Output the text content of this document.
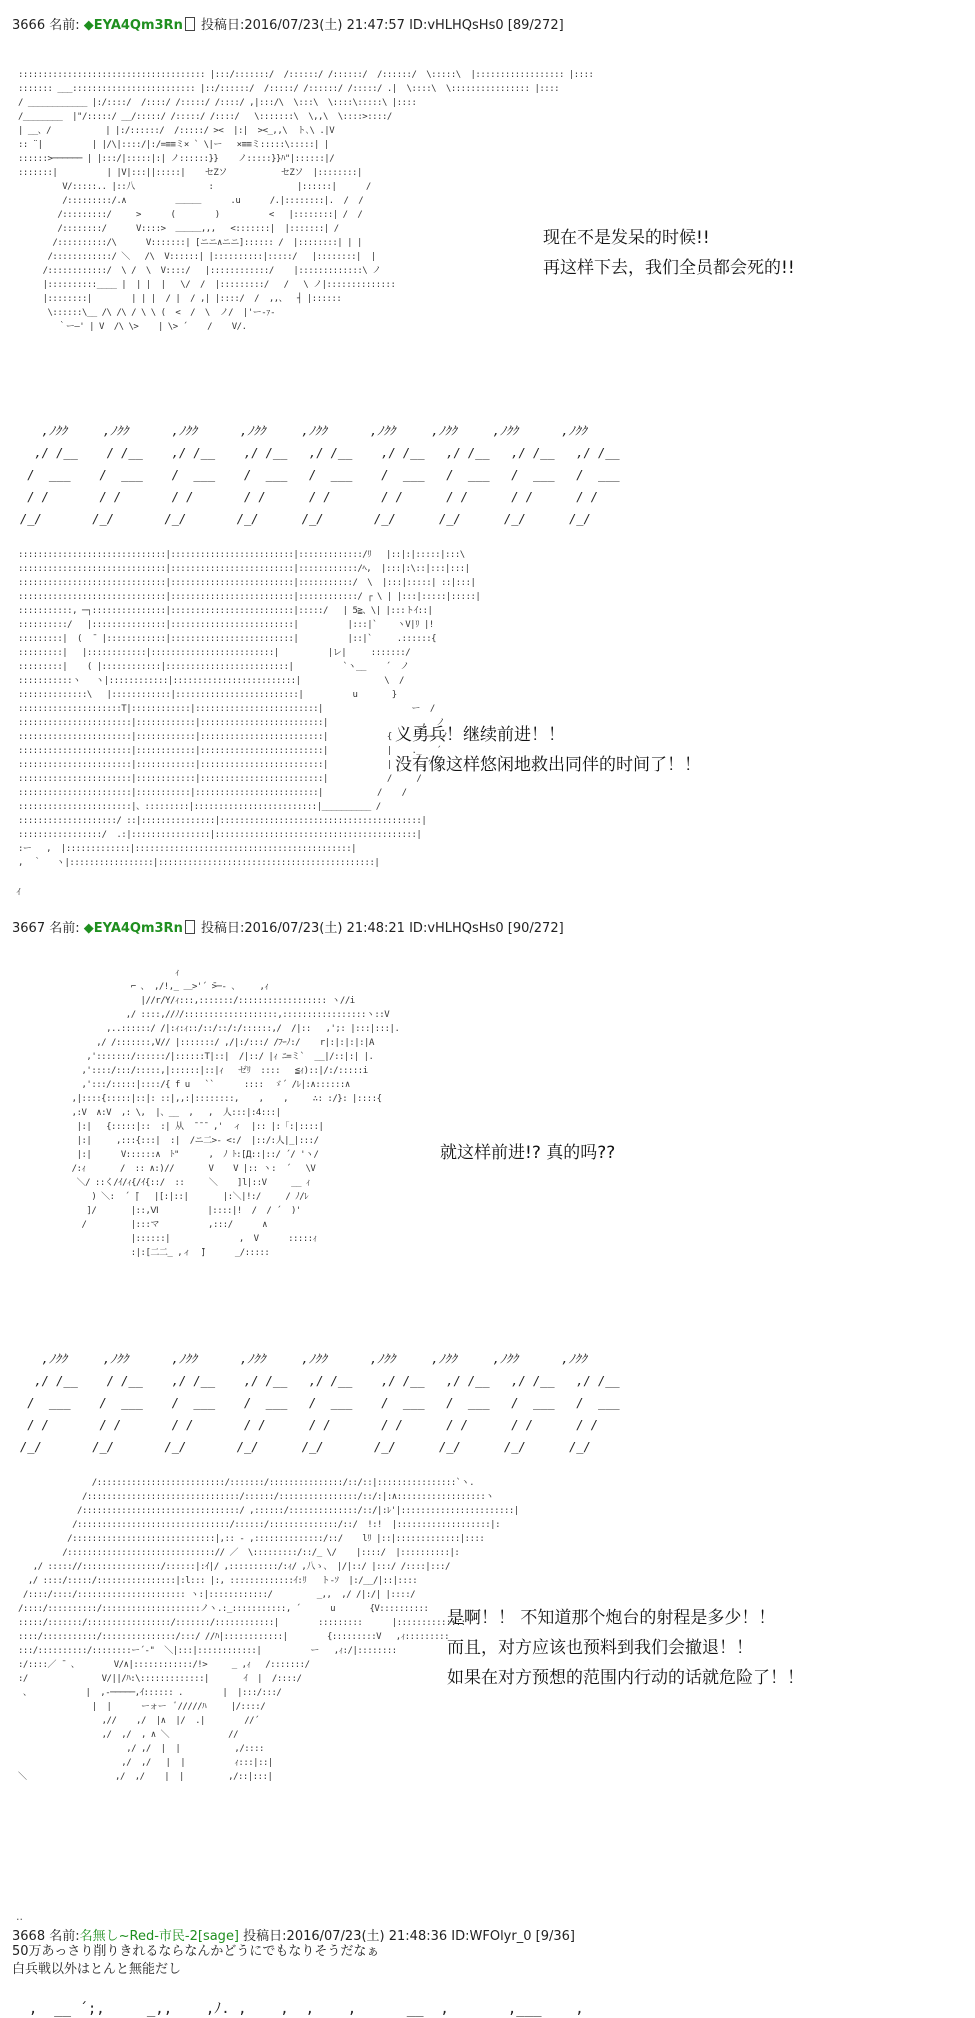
3666 名前: ◆EYA4Qm3Rn 投稿日:2016/07/23(土) 21:47:57 ID:vHLHQsHs0 [89/272]
:::::::::::::::::::::::::::::::::::::: |:::/:::::::/  /::::::/ /::::::/  /::::::/  \:::::\  |:::::::::::::::::: |::::
::::::: ___::::::::::::::::::::::::: |::/::::::/  /:::::/ /::::::/ /:::::/ .|  \::::\  \:::::::::::::::: |::::
/ ____________ |:/::::/  /::::/ /:::::/ /::::/ ,|:::/\  \:::\  \::::\:::::\ |::::
/________  |"/:::::/ __/:::::/ /:::::/ /::::/   \:::::::\  \,,\  \::::>::::/
| __、/           | |:/::::::/  /:::::/ ><  |:|  ><_,,\  ト､\ .|V
:: ¨|          | |/\|::::/|:/=≡≡ミ× ` \|ー   ×≡≡ミ:::::\:::::| |
::::::>────── | |:::/|:::::|:| ノ::::::}}    ノ:::::}}ﾊ"|::::::|/
:::::::|          | |V|:::||:::::|    セZソ           セZソ  |::::::::|
V/:::::.. |::八               :                 |::::::|      /
/:::::::::/.∧          ＿＿＿      .u      /.|::::::::|.  /  /
/:::::::::/     >      (        )          <   |::::::::| /  /
/::::::::/      V::::>  ＿＿＿,,,   <:::::::|  |:::::::| /
/::::::::::/\      V:::::::| [ニニ∧ニニ]:::::: /  |::::::::| | |
/::::::::::::/ ＼   /\  V::::::| |::::::::::|:::::/   |::::::::|  |
/::::::::::::/  \ /  \  V::::/   |::::::::::::/    |:::::::::::::\ ノ
|::::::::::____ |  | |  |   \/  /  |:::::::::/   /   \ ノ|::::::::::::::
|::::::::|        | | |  / |  / ,| |::::/  /  ,,、  ┤ |::::::
\::::::\__ /\ /\ / \ \ (  <  /  \  ノ/  |'ー‐ｧ‐
｀ー―' | V  /\ \>    | \> ´    /    V/.
现在不是发呆的时候!!
再这样下去，我们全员都会死的!!
,ﾉｸｸ     ,ﾉｸｸ      ,ﾉｸｸ      ,ﾉｸｸ     ,ﾉｸｸ      ,ﾉｸｸ     ,ﾉｸｸ     ,ﾉｸｸ      ,ﾉｸｸ
,/ /__    / /__    ,/ /__    ,/ /__   ,/ /__    ,/ /__   ,/ /__   ,/ /__   ,/ /__
/  ___    /  ___    /  ___    /  ___   /  ___    /  ___   /  ___   /  ___   /  ___
/ /       / /       / /       / /      / /       / /      / /      / /      / /
/_/       /_/       /_/       /_/      /_/       /_/      /_/      /_/      /_/
::::::::::::::::::::::::::::::|:::::::::::::::::::::::::|:::::::::::::/ﾘ   |::|:|:::::|:::\
::::::::::::::::::::::::::::::|:::::::::::::::::::::::::|::::::::::::/ﾍ,  |:::|:\::|:::|:::|
::::::::::::::::::::::::::::::|:::::::::::::::::::::::::|:::::::::::/  \  |:::|:::::| ::|:::|
::::::::::::::::::::::::::::::|:::::::::::::::::::::::::|::::::::::::/ ┌ \ | |:::|:::::|:::::|
:::::::::::, ─┐:::::::::::::::|:::::::::::::::::::::::::|:::::/   | 5≧、\| |:::トｲ::|
::::::::::/   |:::::::::::::::|:::::::::::::::::::::::::|          |:::|`    ヽV|ﾘ |!
:::::::::|  (  ̄  |::::::::::::|:::::::::::::::::::::::::|          |::|`     .::::::{
:::::::::|   |::::::::::::|:::::::::::::::::::::::::|          |レ|     :::::::/
:::::::::|    ( |::::::::::::|:::::::::::::::::::::::::|          `ヽ__    ´  ノ
:::::::::::ヽ   ヽ|::::::::::::|:::::::::::::::::::::::::|                 \  /
::::::::::::::\   |::::::::::::|:::::::::::::::::::::::::|          u       }
:::::::::::::::::::::T|::::::::::::|:::::::::::::::::::::::::|                  ー  /
:::::::::::::::::::::::|::::::::::::|:::::::::::::::::::::::::|                   ,  ノ
:::::::::::::::::::::::|::::::::::::|:::::::::::::::::::::::::|            {       ー ノ
:::::::::::::::::::::::|::::::::::::|:::::::::::::::::::::::::|            |    ._   ´
:::::::::::::::::::::::|::::::::::::|:::::::::::::::::::::::::|            |      ,´
:::::::::::::::::::::::|::::::::::::|:::::::::::::::::::::::::|            /     /
:::::::::::::::::::::::|:::::::::::|:::::::::::::::::::::::::|           /    /
:::::::::::::::::::::::|、:::::::::|:::::::::::::::::::::::::|__________ /
::::::::::::::::::::/ ::|:::::::::::::::|:::::::::::::::::::::::::::::::::::::::::|
:::::::::::::::::/  .:|::::::::::::::::|:::::::::::::::::::::::::::::::::::::::::|
:ー   ,  |:::::::::::::|::::::::::::::::::::::::::::::::::::::::::::|
,  ｀   ヽ|:::::::::::::::::|::::::::::::::::::::::::::::::::::::::::::::|
义勇兵！继续前进！！
没有像这样悠闲地救出同伴的时间了！！
ｨ
3667 名前: ◆EYA4Qm3Rn 投稿日:2016/07/23(土) 21:48:21 ID:vHLHQsHs0 [90/272]
ｨ
⌐ 、 ,/!,_ ＿>'´ ̄>─‐ 、    ,ｨ
|//r/Y/ｨ:::,:::::::/:::::::::::::::::: ヽ//i
,/ ::::,//ﾉ/:::::::::::::::::::,:::::::::::::::::ヽ::V
,..::::::/ /|:ｨ:ｨ::/::/::/:/::::::,/  /|::   ,';: |:::|:::|.
,/ /:::::::,V// |:::::::/ ,/|:/:::/ /ﾌｰﾉ:/    r|:|:|:|:|A
,':::::::/::::::/|::::::T|::|  /|::/ |ｨ ﾆ=ミ`  __|/::|:| |.
,'::::/:::/:::::,|::::::|::|ｨ   ゼﾘ  ::::   ≦ｨ)::|/:/:::::i
,':::/:::::|::::/{ f u   ``      ::::  ゞ´ /ﾚ|:∧::::::∧
,|::::{:::::|::|: ::|,,:|::::::::,    ,    ,     ∴: :/}: |::::{
,:V  ∧:V  ,: \,  |、__  ,   ,  人:::|:4:::|
|:|   {:::::|::  :| 从  ̄ ̄ ̄  ,'  ィ  |:: |:「:|::::|
|:|     ,:::{:::|  :|  /ニ二>- <:/  |::/:人|_|:::/
|:|      V::::::∧  ﾄ"      ,  ﾉ ﾄ:[Д::|::/ ´/ 'ヽ/
/:ｨ       /  :: ∧:)//       V    V |:: ヽ:  ´   \V
＼/ ::く/ｲ/ｨ{/ｲ{::/  ::     ＼    ]l|::V     __ ｨ
) ＼:  ´ ̄|   |[:|::|       |:＼|!:/     / ﾉ/ﾚ
]/       |::,Ⅵ          |::::|!  /  / ´  )'
/         |:::マ          ,:::/      ∧
|::::::|              ,  V      :::::ｨ
:|:[二二_ ,ィ  ̄]      _/:::::
就这样前进!? 真的吗??
,ﾉｸｸ     ,ﾉｸｸ      ,ﾉｸｸ      ,ﾉｸｸ     ,ﾉｸｸ      ,ﾉｸｸ     ,ﾉｸｸ     ,ﾉｸｸ      ,ﾉｸｸ
,/ /__    / /__    ,/ /__    ,/ /__   ,/ /__    ,/ /__   ,/ /__   ,/ /__   ,/ /__
/  ___    /  ___    /  ___    /  ___   /  ___    /  ___   /  ___   /  ___   /  ___
/ /       / /       / /       / /      / /       / /      / /      / /      / /
/_/       /_/       /_/       /_/      /_/       /_/      /_/      /_/      /_/
/::::::::::::::::::::::::::/:::::::/:::::::::::::::/::/::|::::::::::::::::`ヽ.
/:::::::::::::::::::::::::::::::/::::::/::::::::::::::::/::/:|:∧::::::::::::::::::ヽ
/::::::::::::::::::::::::::::::::/ ,::::::/::::::::::::::/::/|:ﾚ'|:::::::::::::::::::::::|
/:::::::::::::::::::::::::::::::/::::::/::::::::::::::/::/  !:!  |:::::::::::::::::::|:
/:::::::::::::::::::::::::::::|,:: - ,::::::::::::::/::/    lﾘ |::|:::::::::::::|::::
/::::::::::::::::::::::::::::::// ／  \:::::::::/::/_ \/    |::::/  |::::::::::|:
,/ ::::://::::::::::::::::/::::::|:ｲ|/ ,::::::::::/:ｨ/ ,八ゝ、 |/|::/ |:::/ /::::|:::/
,/ ::::/:::::/::::::::::::::::|:l::: |:, :::::::::::::ｲ:ﾘ   ト‐ｿ  |:/__/|::|::::
/::::/::::/:::::::::::::::::::::: ヽ:|::::::::::::/         _,,  ,/ /|:/| |::::/
/::::/::::::::::/::::::::::::::::::::ノヽ.:_:::::::::::, ´      u       {V::::::::::
:::::/:::::::/:::::::::::::::::/:::::::/::::::::::::|        :::::::::      |::::::::::::::
::::/:::::::::::/:::::::::::::::/:::/ //ﾊ|::::::::::::|        {:::::::::V   ,ｨ:::::::::
:::/::::::::::/::::::::ー´‐"  ＼|:::|::::::::::::|          ー   ,ｨ:/|::::::::
:/::::／ ̄  、       V/∧|::::::::::::/!>     _ ,ｨ   /:::::::/
:/               V/||/ﾊ:\:::::::::::::|       ｲ  |  /::::/
、           |  ,-─────,ｲ:::::: .        |  |:::/:::/
|  |      ーォー  ﾞ/////ﾊ     |/::::/
,//    ,/  |∧  |/  .|        //´
,/  ,/  , ∧ ＼            //
,/ ,/  |  |           ,/::::
,/  ,/   |  |          ｨ:::|::|
＼                  ,/  ,/    |  |         ,/::|:::|
是啊！！ 不知道那个炮台的射程是多少！！
而且，对方应该也预料到我们会撤退！！
如果在对方预想的范围内行动的话就危险了！！
..
3668 名前:名無し~Red-市民-2[sage] 投稿日:2016/07/23(土) 21:48:36 ID:WFOlyr_0 [9/36]
50万あっさり削りきれるならなんかどうにでもなりそうだなぁ
白兵戦以外はとんと無能だし
,  __ ´;,     _,,    ,ﾉ. ,    ,  ,    ,      __  ,       ,___    ,
